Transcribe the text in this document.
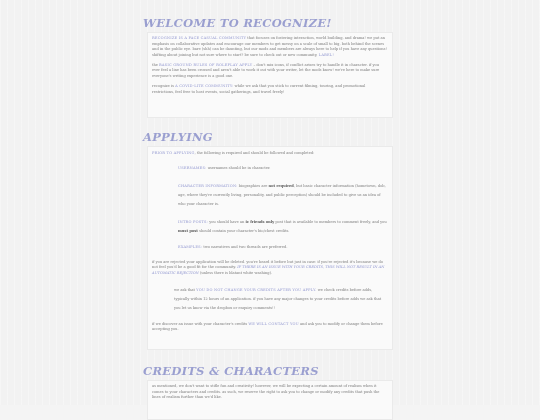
WELCOME TO RECOGNIZE!

RECOGNIZE IS A PACE CASUAL COMMUNITY that focuses on fostering interaction, world building, and drama! we put an emphasis on collaborative updates and encourage our members to get messy on a scale of small to big, both behind the scenes and in the public eye. bare (shh) can be daunting, but our mods and members are always here to help if you have any questions! shifting about joining but not sure where to start? be sure to check out or new community, LABEL!

the BASIC GROUND RULES OF ROLEPLAY APPLY – don't mix icons, if conflict arises try to handle it in character. if you ever feel a line has been crossed and aren't able to work it out with your writer, let the mods know! we're here to make sure everyone's writing experience is a good one.

recognize is A COVID-LITE COMMUNITY: while we ask that you stick to current filming, touring, and promotional restrictions, feel free to host events, social gatherings, and travel freely!

APPLYING

PRIOR TO APPLYING, the following is required and should be followed and completed:

USERNAMES: usernames should be in character.

CHARACTER INFORMATION: biographies are not required, but basic character information (hometown, dob, age, where they're currently living, personality, and public perception) should be included to give us an idea of who your character is.

INTRO POSTS: you should have an ic friends only post that is available to members to comment freely, and you must post should contain your character's bio/chest credits.

EXAMPLES: two narratives and two threads are preferred.

if you are rejected your application will be deleted. you're heard it before but just in case: if you're rejected it's because we do not feel you'd be a good fit for the community. IF THERE IS AN ISSUE WITH YOUR CREDITS, THIS WILL NOT RESULT IN AN AUTOMATIC REJECTION (unless there is blatant white washing).

we ask that YOU DO NOT CHANGE YOUR CREDITS AFTER YOU APPLY. we check credits before adds, typically within 12 hours of an application. if you have any major changes to your credits before adds we ask that you let us know via the dropbox or enquiry comments!!

if we discover an issue with your character's credits WE WILL CONTACT YOU and ask you to modify or change them before accepting you.

CREDITS & CHARACTERS

as mentioned, we don't want to stifle fun and creativity! however, we will be expecting a certain amount of realism when it comes to your characters and credits. as such, we reserve the right to ask you to change or modify any credits that push the lines of realism further than we'd like.
